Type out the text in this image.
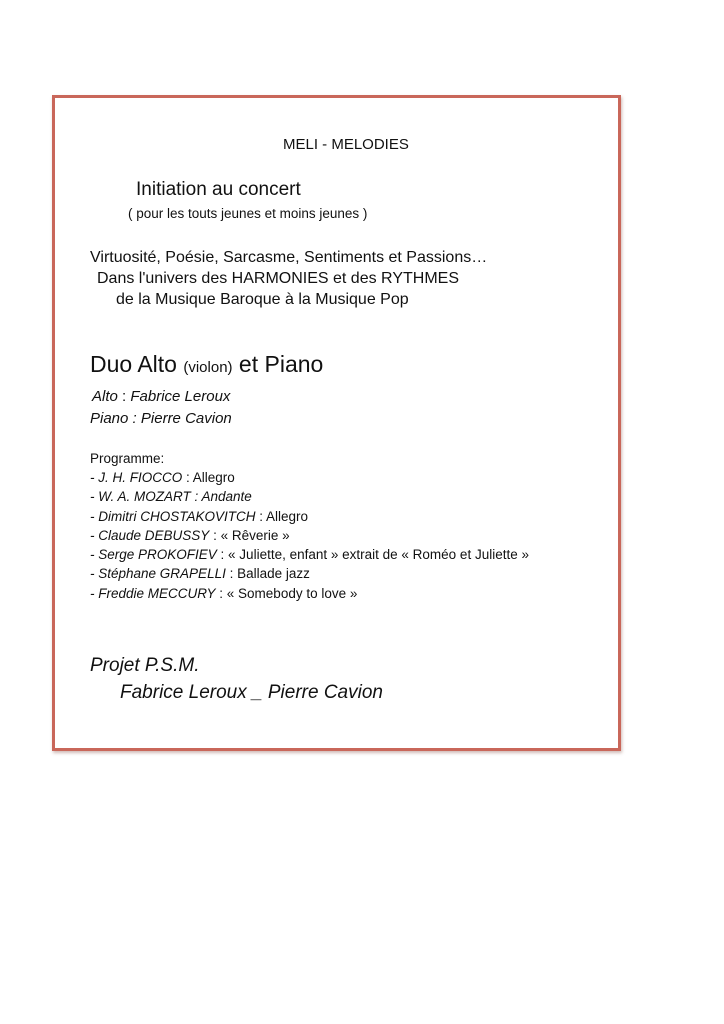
MELI - MELODIES
Initiation au concert
( pour les touts jeunes et moins jeunes )
Virtuosité, Poésie, Sarcasme, Sentiments et Passions…
Dans l'univers des HARMONIES et des RYTHMES
de la Musique Baroque à la Musique Pop
Duo Alto (violon) et Piano
Alto : Fabrice Leroux
Piano : Pierre Cavion
Programme:
- J. H. FIOCCO : Allegro
- W. A. MOZART : Andante
- Dimitri CHOSTAKOVITCH : Allegro
- Claude DEBUSSY : « Rêverie »
- Serge PROKOFIEV : « Juliette, enfant » extrait de « Roméo et Juliette »
- Stéphane GRAPELLI : Ballade jazz
- Freddie MECCURY : « Somebody to love »
Projet P.S.M.
Fabrice Leroux _ Pierre Cavion
